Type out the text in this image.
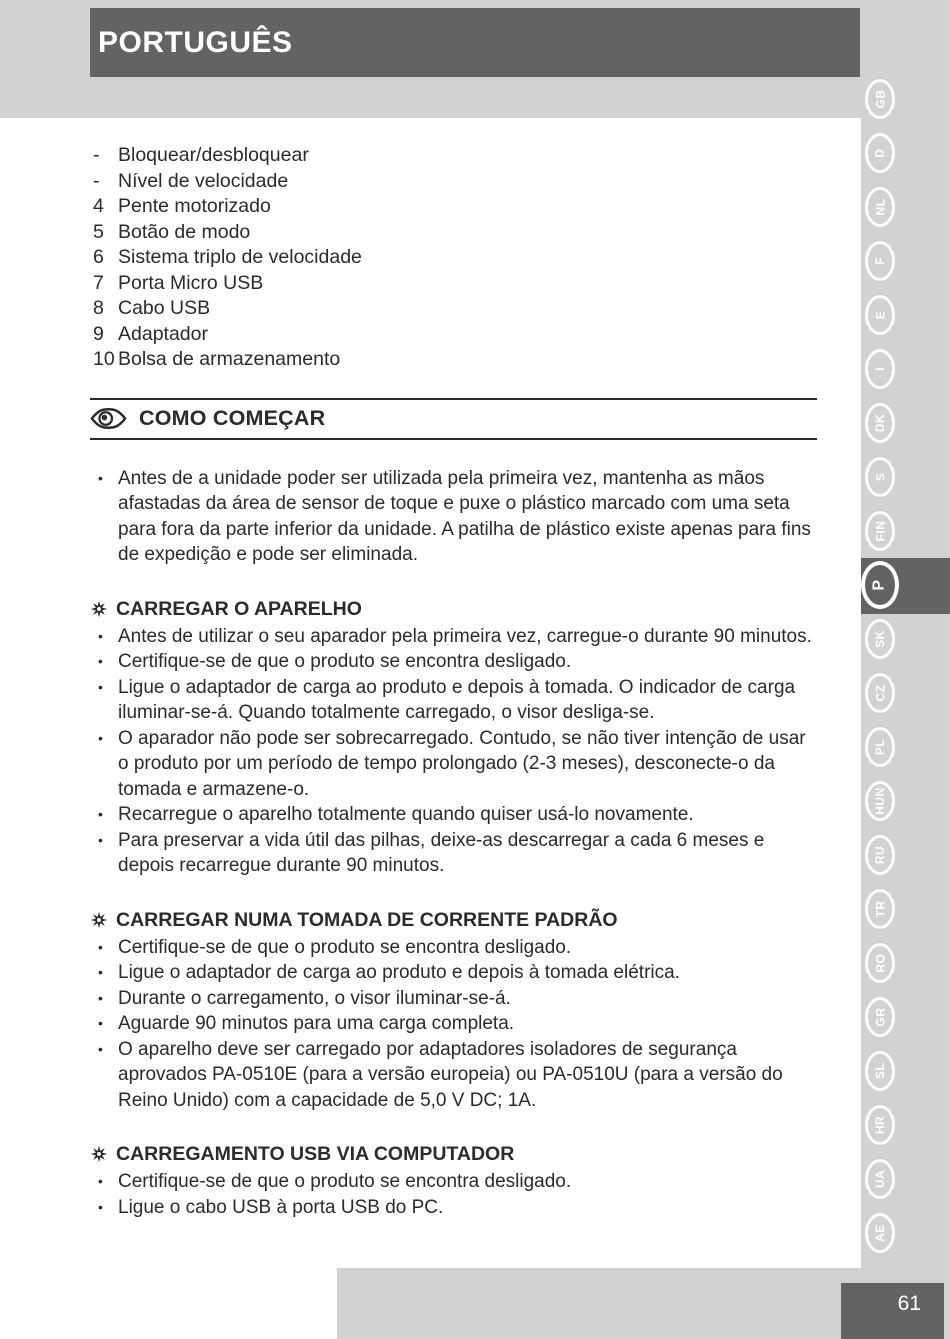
PORTUGUÊS
- Bloquear/desbloquear
- Nível de velocidade
4 Pente motorizado
5 Botão de modo
6 Sistema triplo de velocidade
7 Porta Micro USB
8 Cabo USB
9 Adaptador
10 Bolsa de armazenamento
COMO COMEÇAR
• Antes de a unidade poder ser utilizada pela primeira vez, mantenha as mãos afastadas da área de sensor de toque e puxe o plástico marcado com uma seta para fora da parte inferior da unidade. A patilha de plástico existe apenas para fins de expedição e pode ser eliminada.
CARREGAR O APARELHO
• Antes de utilizar o seu aparador pela primeira vez, carregue-o durante 90 minutos.
• Certifique-se de que o produto se encontra desligado.
• Ligue o adaptador de carga ao produto e depois à tomada. O indicador de carga iluminar-se-á. Quando totalmente carregado, o visor desliga-se.
• O aparador não pode ser sobrecarregado. Contudo, se não tiver intenção de usar o produto por um período de tempo prolongado (2-3 meses), desconecte-o da tomada e armazene-o.
• Recarregue o aparelho totalmente quando quiser usá-lo novamente.
• Para preservar a vida útil das pilhas, deixe-as descarregar a cada 6 meses e depois recarregue durante 90 minutos.
CARREGAR NUMA TOMADA DE CORRENTE PADRÃO
• Certifique-se de que o produto se encontra desligado.
• Ligue o adaptador de carga ao produto e depois à tomada elétrica.
• Durante o carregamento, o visor iluminar-se-á.
• Aguarde 90 minutos para uma carga completa.
• O aparelho deve ser carregado por adaptadores isoladores de segurança aprovados PA-0510E (para a versão europeia) ou PA-0510U (para a versão do Reino Unido) com a capacidade de 5,0 V DC; 1A.
CARREGAMENTO USB VIA COMPUTADOR
• Certifique-se de que o produto se encontra desligado.
• Ligue o cabo USB à porta USB do PC.
GB
D
NL
F
E
I
DK
S
FIN
P
SK
CZ
PL
HUN
RU
TR
RO
GR
SL
HR
UA
AE
61
